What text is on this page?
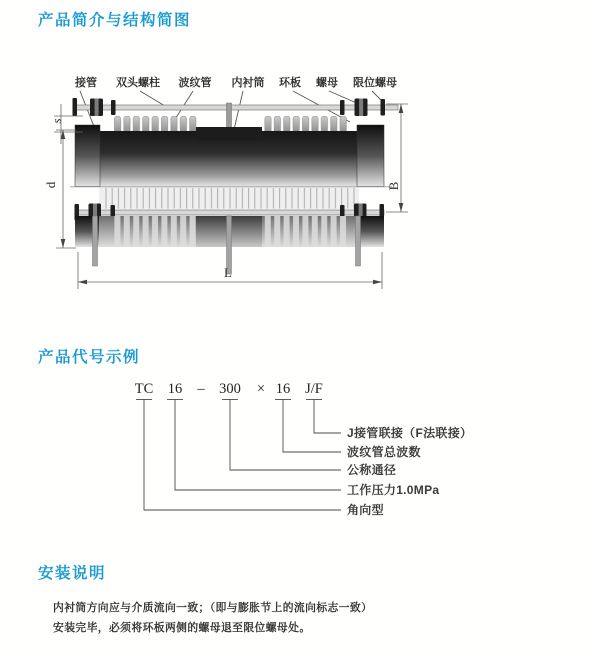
产品简介与结构简图
接管 双头螺柱 波纹管 内衬筒 环板 螺母 限位螺母
s
d	B
L
TC 16 – 300 × 16 J/F
J接管联接（F法联接）
波纹管总波数
公称通径
工作压力1.0MPa
角向型
产品代号示例
安装说明

内衬筒方向应与介质流向一致；（即与膨胀节上的流向标志一致）

安装完毕，必须将环板两侧的螺母退至限位螺母处。
